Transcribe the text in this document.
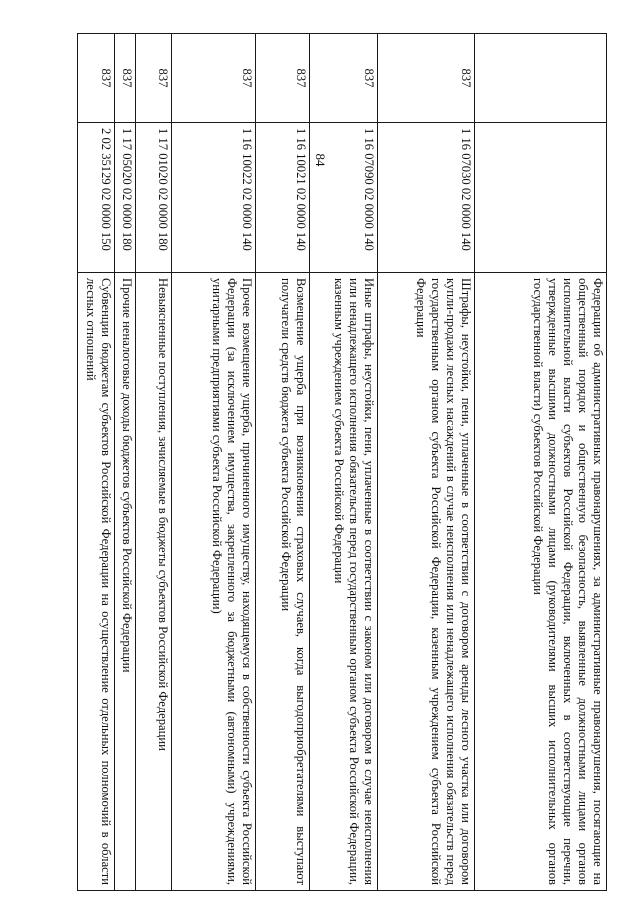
84
		Федерации об административных правонарушениях, за административные правонарушения, посягающие на общественный порядок и общественную безопасность, выявленные должностными лицами органов исполнительной власти субъектов Российской Федерации, включенных в соответствующие перечни, утвержденные высшими должностными лицами (руководителями высших исполнительных органов государственной власти) субъектов Российской Федерации
837	1 16 07030 02 0000 140	Штрафы, неустойки, пени, уплаченные в соответствии с договором аренды лесного участка или договором купли-продажи лесных насаждений в случае неисполнения или ненадлежащего исполнения обязательств перед государственным органом субъекта Российской Федерации, казенным учреждением субъекта Российской Федерации
837	1 16 07090 02 0000 140	Иные штрафы, неустойки, пени, уплаченные в соответствии с законом или договором в случае неисполнения или ненадлежащего исполнения обязательств перед государственным органом субъекта Российской Федерации, казенным учреждением субъекта Российской Федерации
837	1 16 10021 02 0000 140	Возмещение ущерба при возникновении страховых случаев, когда выгодоприобретателями выступают получатели средств бюджета субъекта Российской Федерации
837	1 16 10022 02 0000 140	Прочее возмещение ущерба, причиненного имуществу, находящемуся в собственности субъекта Российской Федерации (за исключением имущества, закрепленного за бюджетными (автономными) учреждениями, унитарными предприятиями субъекта Российской Федерации)
837	1 17 01020 02 0000 180	Невыясненные поступления, зачисляемые в бюджеты субъектов Российской Федерации
837	1 17 05020 02 0000 180	Прочие неналоговые доходы бюджетов субъектов Российской Федерации
837	2 02 35129 02 0000 150	Субвенции бюджетам субъектов Российской Федерации на осуществление отдельных полномочий в области лесных отношений
